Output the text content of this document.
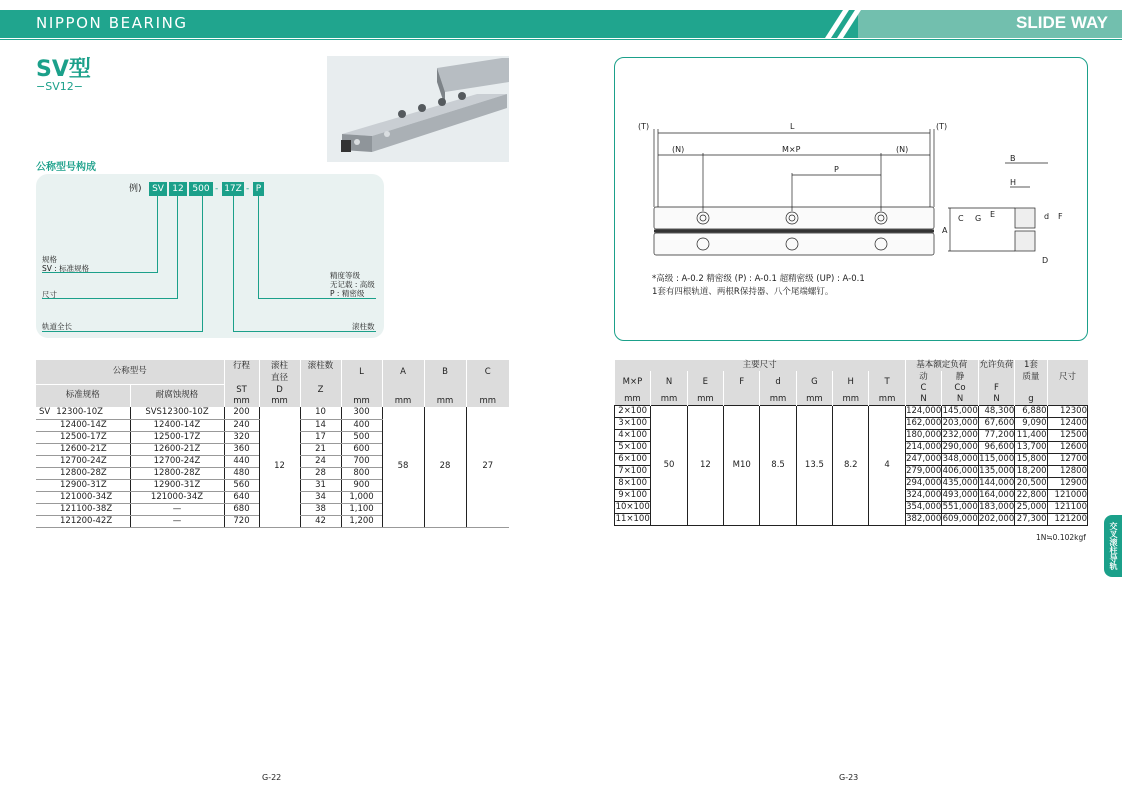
NIPPON BEARING	SLIDE WAY
SV型
−SV12−
公称型号构成
例)	SV 12 500 - 17Z - P
规格
SV : 标准规格
尺寸
轨道全长
精度等级
无记载 : 高级
P : 精密级
滚柱数
公称型号		行程	滚柱	滚柱数	L	A	B	C
			直径					
标准规格	耐腐蚀规格	ST	D	Z				
		mm	mm		mm	mm	mm	mm
SV 12300-10Z	SVS12300-10Z	200	12	10	300	58	28	27
12400-14Z	12400-14Z	240		14	400			
12500-17Z	12500-17Z	320		17	500			
12600-21Z	12600-21Z	360		21	600			
12700-24Z	12700-24Z	440		24	700			
12800-28Z	12800-28Z	480		28	800			
12900-31Z	12900-31Z	560		31	900			
121000-34Z	121000-34Z	640		34	1,000			
121100-38Z	—	680		38	1,100			
121200-42Z	—	720		42	1,200			
G-22
(T)	L	(T)
(N)	M×P	(N)
P
B
H
C G E	d F
A
D
*高级 : A-0.2 精密级 (P) : A-0.1 超精密级 (UP) : A-0.1
1套有四根轨道、两根R保持器、八个尾端螺钉。
主要尺寸								基本额定负荷		允许负荷	1套	尺寸
M×P	N	E	F	d	G	H	T	动	静		质量	
								C	Co	F		
mm	mm	mm		mm	mm	mm	mm	N	N	N	g	
2×100	50	12	M10	8.5	13.5	8.2	4	124,000	145,000	48,300	6,880	12300
3×100								162,000	203,000	67,600	9,090	12400
4×100								180,000	232,000	77,200	11,400	12500
5×100								214,000	290,000	96,600	13,700	12600
6×100								247,000	348,000	115,000	15,800	12700
7×100								279,000	406,000	135,000	18,200	12800
8×100								294,000	435,000	144,000	20,500	12900
9×100								324,000	493,000	164,000	22,800	121000
10×100								354,000	551,000	183,000	25,000	121100
11×100								382,000	609,000	202,000	27,300	121200
1N≒0.102kgf	交叉滚柱导轨
G-23
